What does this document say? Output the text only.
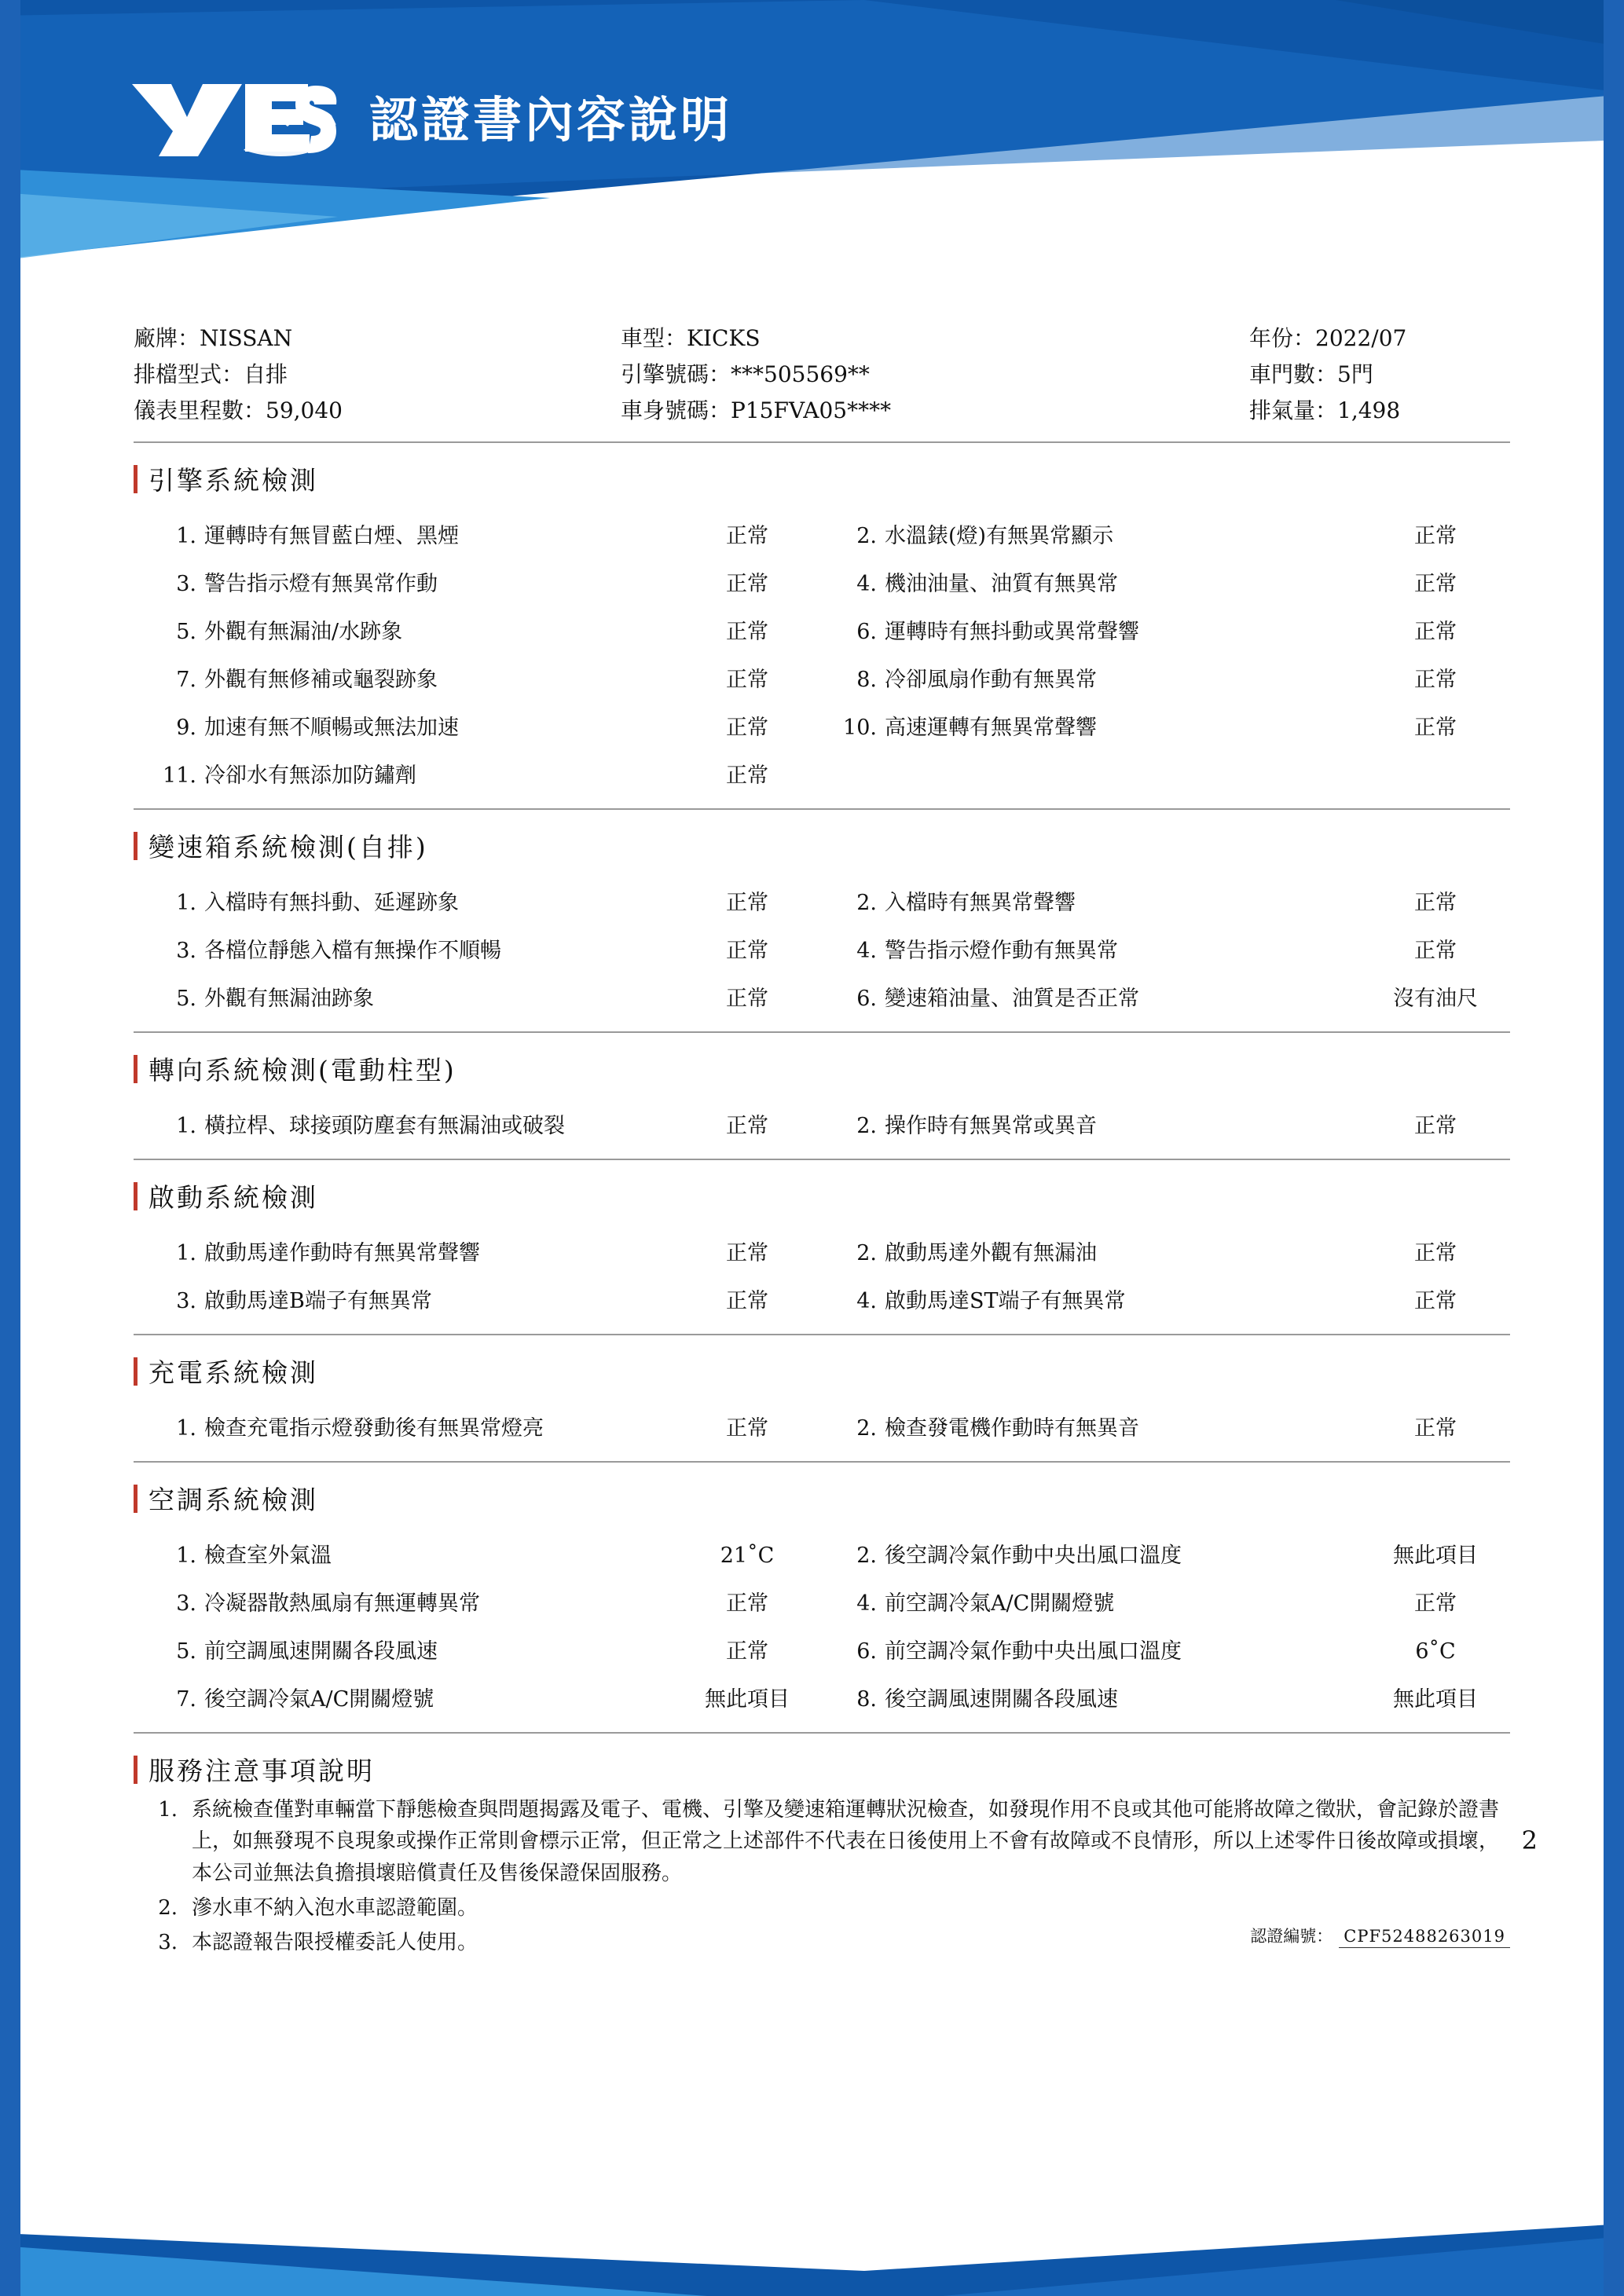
認證書內容說明
廠牌：NISSAN	車型：KICKS	年份：2022/07
排檔型式：自排	引擎號碼：***505569**	車門數：5門
儀表里程數：59,040	車身號碼：P15FVA05****	排氣量：1,498
引擎系統檢測
1. 運轉時有無冒藍白煙、黑煙	正常	2. 水溫錶(燈)有無異常顯示	正常
3. 警告指示燈有無異常作動	正常	4. 機油油量、油質有無異常	正常
5. 外觀有無漏油/水跡象	正常	6. 運轉時有無抖動或異常聲響	正常
7. 外觀有無修補或龜裂跡象	正常	8. 冷卻風扇作動有無異常	正常
9. 加速有無不順暢或無法加速	正常	10. 高速運轉有無異常聲響	正常
11. 冷卻水有無添加防鏽劑	正常
變速箱系統檢測(自排)
1. 入檔時有無抖動、延遲跡象	正常	2. 入檔時有無異常聲響	正常
3. 各檔位靜態入檔有無操作不順暢	正常	4. 警告指示燈作動有無異常	正常
5. 外觀有無漏油跡象	正常	6. 變速箱油量、油質是否正常	沒有油尺
轉向系統檢測(電動柱型)
1. 橫拉桿、球接頭防塵套有無漏油或破裂	正常	2. 操作時有無異常或異音	正常
啟動系統檢測
1. 啟動馬達作動時有無異常聲響	正常	2. 啟動馬達外觀有無漏油	正常
3. 啟動馬達B端子有無異常	正常	4. 啟動馬達ST端子有無異常	正常
充電系統檢測
1. 檢查充電指示燈發動後有無異常燈亮	正常	2. 檢查發電機作動時有無異音	正常
空調系統檢測
1. 檢查室外氣溫	21˚C	2. 後空調冷氣作動中央出風口溫度	無此項目
3. 冷凝器散熱風扇有無運轉異常	正常	4. 前空調冷氣A/C開關燈號	正常
5. 前空調風速開關各段風速	正常	6. 前空調冷氣作動中央出風口溫度	6˚C
7. 後空調冷氣A/C開關燈號	無此項目	8. 後空調風速開關各段風速	無此項目
服務注意事項說明
1. 系統檢查僅對車輛當下靜態檢查與問題揭露及電子、電機、引擎及變速箱運轉狀況檢查，如發現作用不良或其他可能將故障之徵狀，會記錄於證書上，如無發現不良現象或操作正常則會標示正常，但正常之上述部件不代表在日後使用上不會有故障或不良情形，所以上述零件日後故障或損壞，本公司並無法負擔損壞賠償責任及售後保證保固服務。
2. 滲水車不納入泡水車認證範圍。
3. 本認證報告限授權委託人使用。	認證編號： CPF52488263019
2
